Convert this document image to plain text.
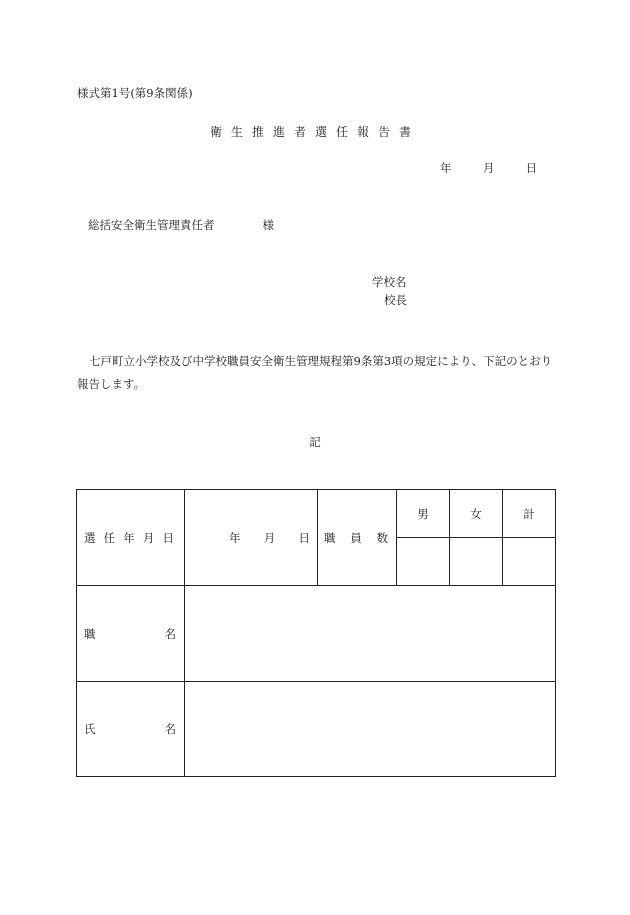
様式第1号(第9条関係)
衛生推進者選任報告書
年	月	日
総括安全衛生管理責任者	様
学校名
校長
七戸町立小学校及び中学校職員安全衛生管理規程第9条第3項の規定により、下記のとおり報告します。
記
選 任 年 月 日	年 月 日	職 員 数	男	女	計

職 名					

氏 名					
